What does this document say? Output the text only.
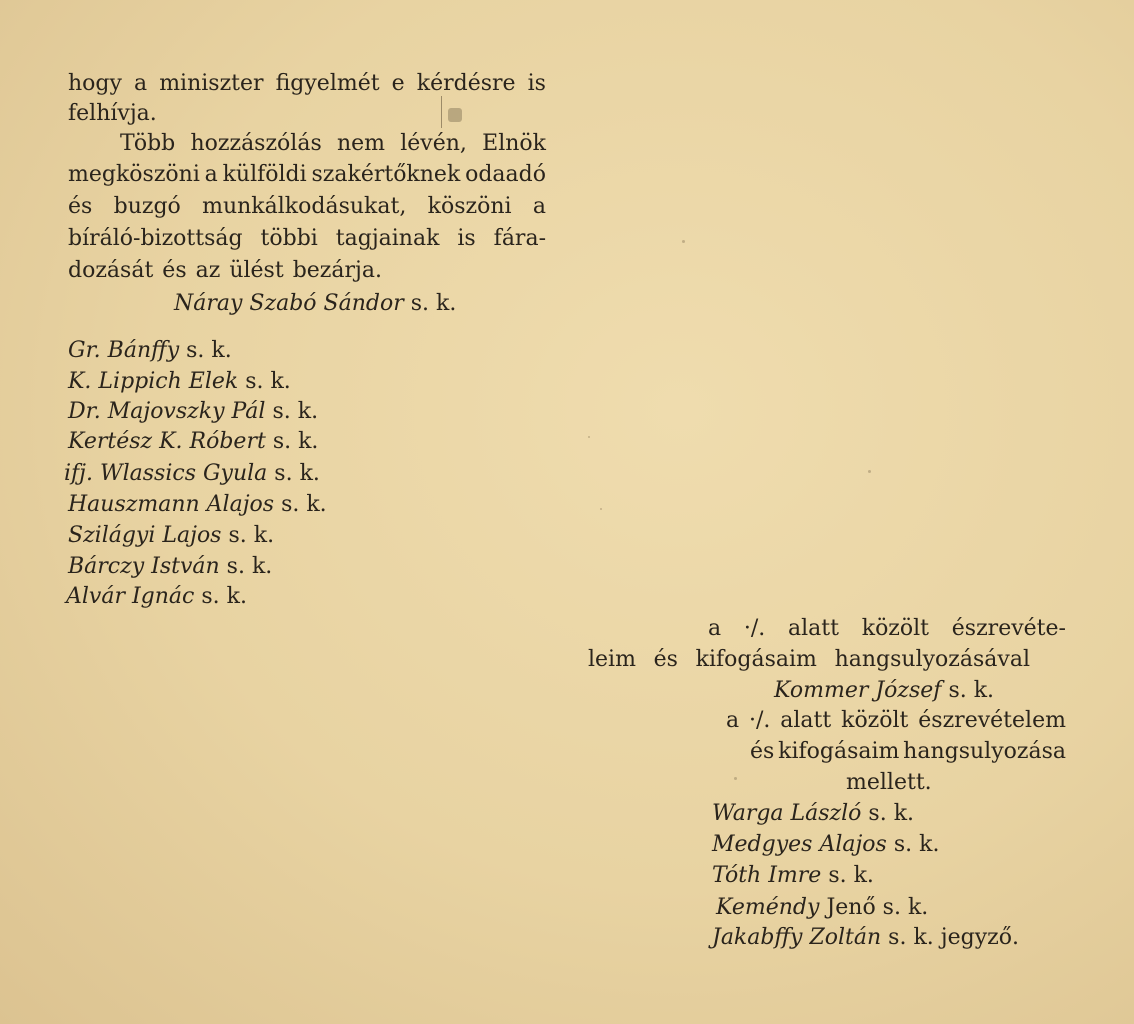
hogy a miniszter figyelmét e kérdésre is
felhívja.
Több hozzászólás nem lévén, Elnök
megköszöni a külföldi szakértőknek odaadó
és buzgó munkálkodásukat, köszöni a
bíráló-bizottság többi tagjainak is fára-
dozását és az ülést bezárja.
Náray Szabó Sándor s. k.
Gr. Bánffy s. k.
K. Lippich Elek s. k.
Dr. Majovszky Pál s. k.
Kertész K. Róbert s. k.
ifj. Wlassics Gyula s. k.
Hauszmann Alajos s. k.
Szilágyi Lajos s. k.
Bárczy István s. k.
Alvár Ignác s. k.
a ·/. alatt közölt észrevéte-
leim és kifogásaim hangsulyozásával
Kommer József s. k.
a ·/. alatt közölt észrevételem
és kifogásaim hangsulyozása
mellett.
Warga László s. k.
Medgyes Alajos s. k.
Tóth Imre s. k.
Keméndy Jenő s. k.
Jakabffy Zoltán s. k. jegyző.
